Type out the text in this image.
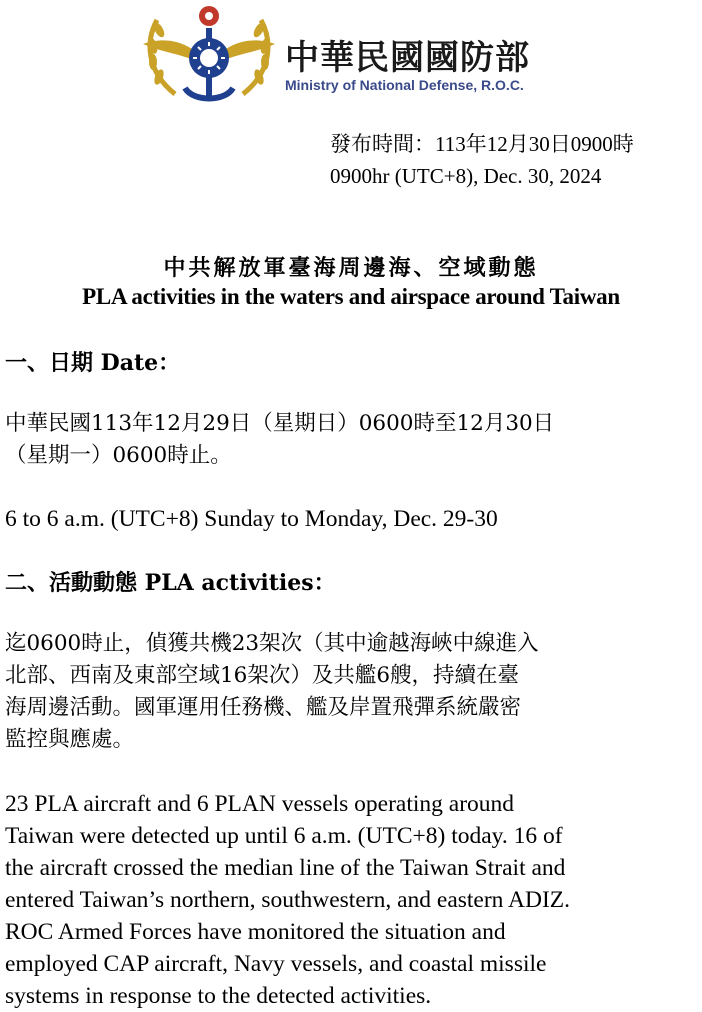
中華民國國防部
Ministry of National Defense, R.O.C.
發布時間：113年12月30日0900時
0900hr (UTC+8), Dec. 30, 2024
中共解放軍臺海周邊海、空域動態
PLA activities in the waters and airspace around Taiwan
一、日期 Date：
中華民國113年12月29日（星期日）0600時至12月30日
（星期一）0600時止。
6 to 6 a.m. (UTC+8) Sunday to Monday, Dec. 29-30
二、活動動態 PLA activities：
迄0600時止，偵獲共機23架次（其中逾越海峽中線進入
北部、西南及東部空域16架次）及共艦6艘，持續在臺
海周邊活動。國軍運用任務機、艦及岸置飛彈系統嚴密
監控與應處。
23 PLA aircraft and 6 PLAN vessels operating around
Taiwan were detected up until 6 a.m. (UTC+8) today. 16 of
the aircraft crossed the median line of the Taiwan Strait and
entered Taiwan’s northern, southwestern, and eastern ADIZ.
ROC Armed Forces have monitored the situation and
employed CAP aircraft, Navy vessels, and coastal missile
systems in response to the detected activities.
